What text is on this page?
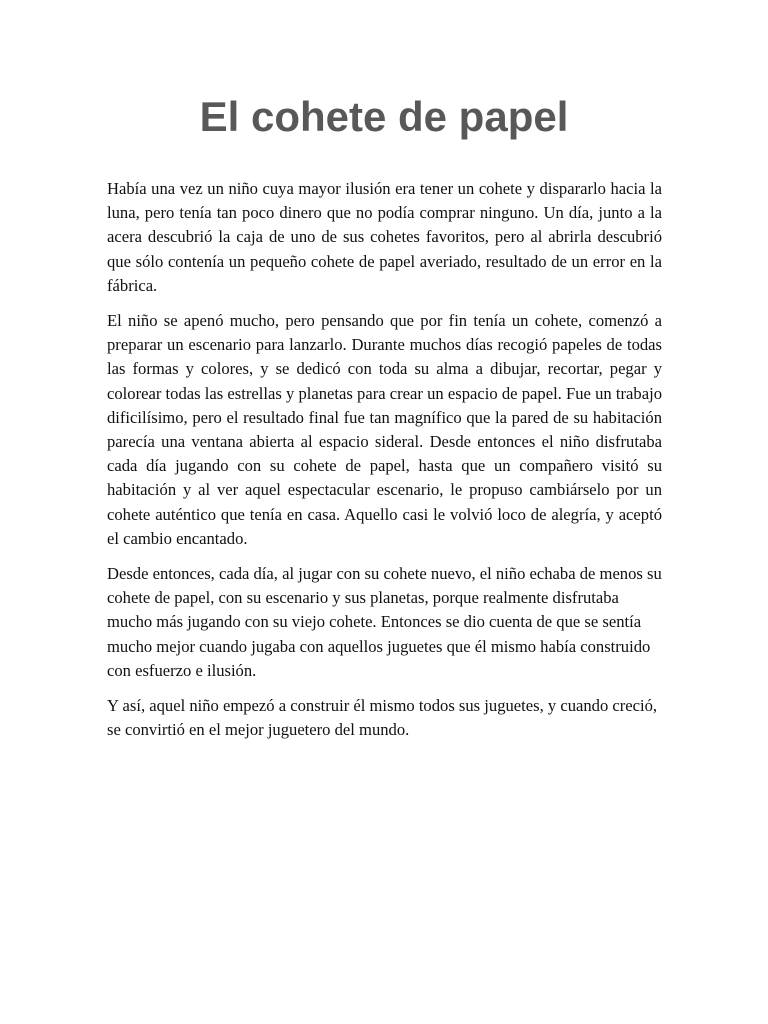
El cohete de papel

Había una vez un niño cuya mayor ilusión era tener un cohete y dispararlo hacia la luna, pero tenía tan poco dinero que no podía comprar ninguno. Un día, junto a la acera descubrió la caja de uno de sus cohetes favoritos, pero al abrirla descubrió que sólo contenía un pequeño cohete de papel averiado, resultado de un error en la fábrica.

El niño se apenó mucho, pero pensando que por fin tenía un cohete, comenzó a preparar un escenario para lanzarlo. Durante muchos días recogió papeles de todas las formas y colores, y se dedicó con toda su alma a dibujar, recortar, pegar y colorear todas las estrellas y planetas para crear un espacio de papel. Fue un trabajo dificilísimo, pero el resultado final fue tan magnífico que la pared de su habitación parecía una ventana abierta al espacio sideral. Desde entonces el niño disfrutaba cada día jugando con su cohete de papel, hasta que un compañero visitó su habitación y al ver aquel espectacular escenario, le propuso cambiárselo por un cohete auténtico que tenía en casa. Aquello casi le volvió loco de alegría, y aceptó el cambio encantado.

Desde entonces, cada día, al jugar con su cohete nuevo, el niño echaba de menos su cohete de papel, con su escenario y sus planetas, porque realmente disfrutaba mucho más jugando con su viejo cohete. Entonces se dio cuenta de que se sentía mucho mejor cuando jugaba con aquellos juguetes que él mismo había construido con esfuerzo e ilusión.

Y así, aquel niño empezó a construir él mismo todos sus juguetes, y cuando creció, se convirtió en el mejor juguetero del mundo.
